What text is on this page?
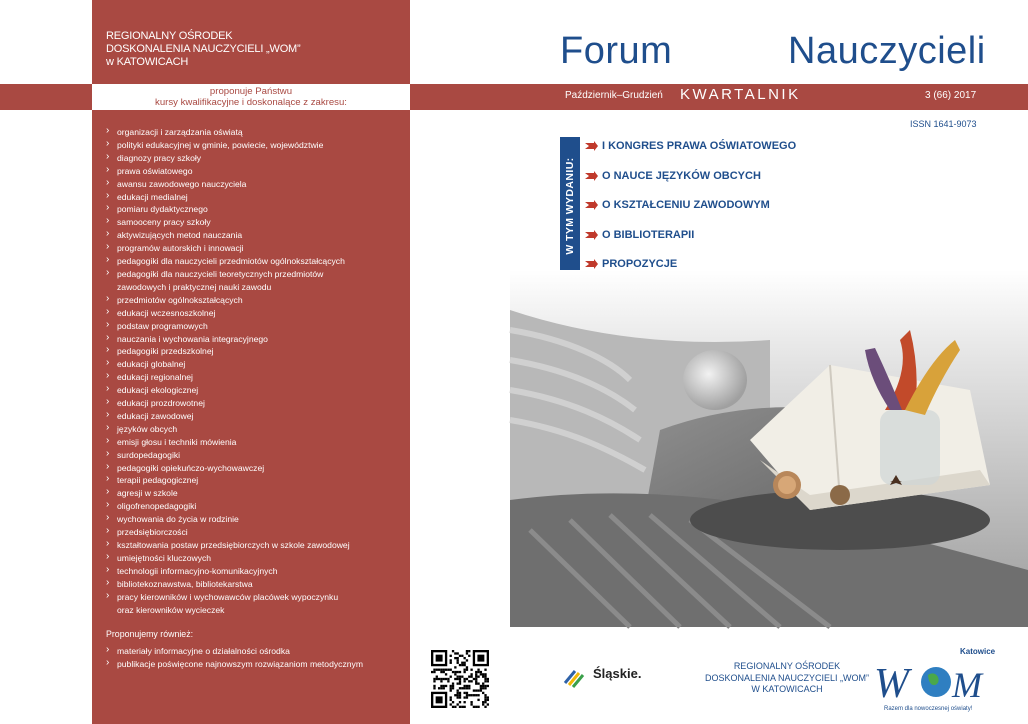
REGIONALNY OŚRODEK
DOSKONALENIA NAUCZYCIELI „WOM”
w KATOWICACH
proponuje Państwu
kursy kwalifikacyjne i doskonalące z zakresu:
› organizacji i zarządzania oświatą
› polityki edukacyjnej w gminie, powiecie, województwie
› diagnozy pracy szkoły
› prawa oświatowego
› awansu zawodowego nauczyciela
› edukacji medialnej
› pomiaru dydaktycznego
› samooceny pracy szkoły
› aktywizujących metod nauczania
› programów autorskich i innowacji
› pedagogiki dla nauczycieli przedmiotów ogólnokształcących
› pedagogiki dla nauczycieli teoretycznych przedmiotów
zawodowych i praktycznej nauki zawodu
› przedmiotów ogólnokształcących
› edukacji wczesnoszkolnej
› podstaw programowych
› nauczania i wychowania integracyjnego
› pedagogiki przedszkolnej
› edukacji globalnej
› edukacji regionalnej
› edukacji ekologicznej
› edukacji prozdrowotnej
› edukacji zawodowej
› języków obcych
› emisji głosu i techniki mówienia
› surdopedagogiki
› pedagogiki opiekuńczo-wychowawczej
› terapii pedagogicznej
› agresji w szkole
› oligofrenopedagogiki
› wychowania do życia w rodzinie
› przedsiębiorczości
› kształtowania postaw przedsiębiorczych w szkole zawodowej
› umiejętności kluczowych
› technologii informacyjno-komunikacyjnych
› bibliotekoznawstwa, bibliotekarstwa
› pracy kierowników i wychowawców placówek wypoczynku
oraz kierowników wycieczek
Proponujemy również:
› materiały informacyjne o działalności ośrodka
› publikacje poświęcone najnowszym rozwiązaniom metodycznym
Forum	Nauczycieli
Październik–Grudzień KWARTALNIK	3 (66) 2017
ISSN 1641-9073
W TYM WYDANIU:
I KONGRES PRAWA OŚWIATOWEGO
O NAUCE JĘZYKÓW OBCYCH
O KSZTAŁCENIU ZAWODOWYM
O BIBLIOTERAPII
PROPOZYCJE
Śląskie.	REGIONALNY OŚRODEK
DOSKONALENIA NAUCZYCIELI „WOM”
W KATOWICACH
Katowice
W M
Razem dla nowoczesnej oświaty!
